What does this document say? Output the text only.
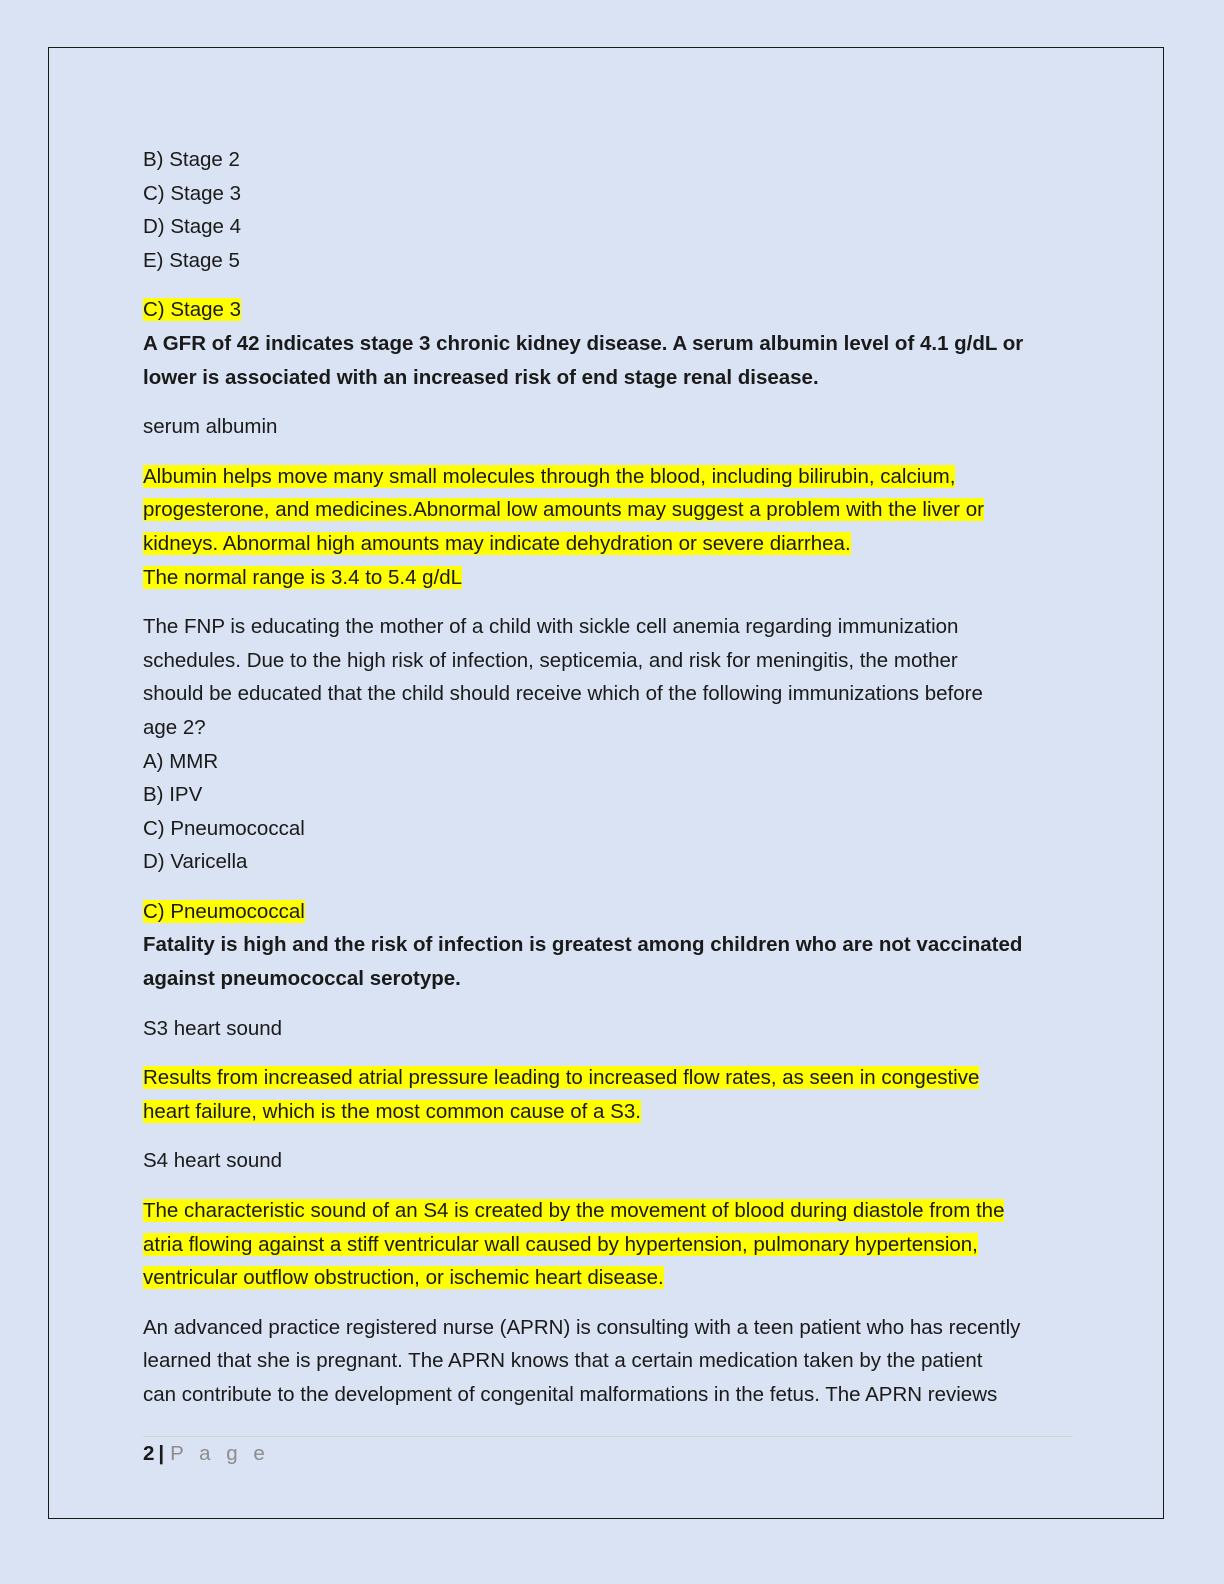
B) Stage 2

C) Stage 3

D) Stage 4

E) Stage 5

C) Stage 3

A GFR of 42 indicates stage 3 chronic kidney disease. A serum albumin level of 4.1 g/dL or

lower is associated with an increased risk of end stage renal disease.

serum albumin

Albumin helps move many small molecules through the blood, including bilirubin, calcium,

progesterone, and medicines.Abnormal low amounts may suggest a problem with the liver or

kidneys. Abnormal high amounts may indicate dehydration or severe diarrhea.

The normal range is 3.4 to 5.4 g/dL

The FNP is educating the mother of a child with sickle cell anemia regarding immunization

schedules. Due to the high risk of infection, septicemia, and risk for meningitis, the mother

should be educated that the child should receive which of the following immunizations before

age 2?

A) MMR

B) IPV

C) Pneumococcal

D) Varicella

C) Pneumococcal

Fatality is high and the risk of infection is greatest among children who are not vaccinated

against pneumococcal serotype.

S3 heart sound

Results from increased atrial pressure leading to increased flow rates, as seen in congestive

heart failure, which is the most common cause of a S3.

S4 heart sound

The characteristic sound of an S4 is created by the movement of blood during diastole from the

atria flowing against a stiff ventricular wall caused by hypertension, pulmonary hypertension,

ventricular outflow obstruction, or ischemic heart disease.

An advanced practice registered nurse (APRN) is consulting with a teen patient who has recently

learned that she is pregnant. The APRN knows that a certain medication taken by the patient

can contribute to the development of congenital malformations in the fetus. The APRN reviews

2 | P a g e
